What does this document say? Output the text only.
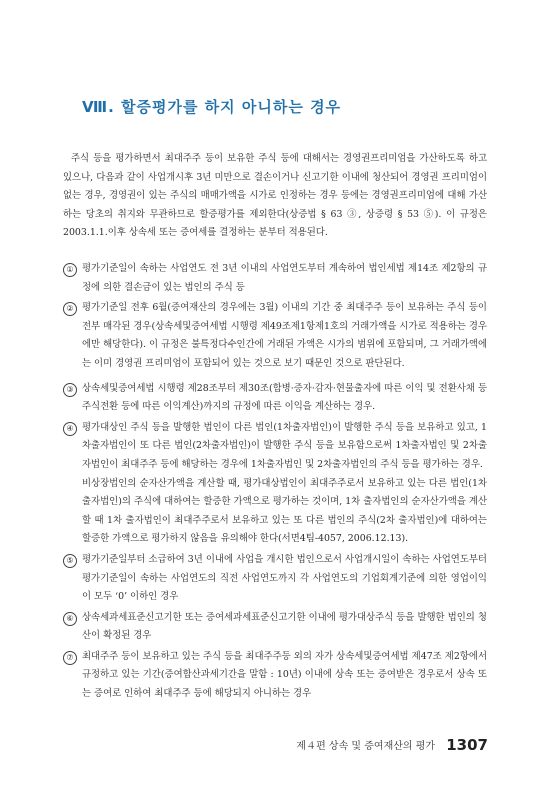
Ⅷ. 할증평가를 하지 아니하는 경우

주식 등을 평가하면서 최대주주 등이 보유한 주식 등에 대해서는 경영권프리미엄을 가산하도록 하고 있으나, 다음과 같이 사업개시후 3년 미만으로 결손이거나 신고기한 이내에 청산되어 경영권 프리미엄이 없는 경우, 경영권이 있는 주식의 매매가액을 시가로 인정하는 경우 등에는 경영권프리미엄에 대해 가산하는 당초의 취지와 무관하므로 할증평가를 제외한다(상증법 § 63 ③, 상증령 § 53 ⑤). 이 규정은 2003.1.1.이후 상속세 또는 증여세를 결정하는 분부터 적용된다.

① 평가기준일이 속하는 사업연도 전 3년 이내의 사업연도부터 계속하여 법인세법 제14조 제2항의 규정에 의한 결손금이 있는 법인의 주식 등

② 평가기준일 전후 6월(증여재산의 경우에는 3월) 이내의 기간 중 최대주주 등이 보유하는 주식 등이 전부 매각된 경우(상속세및증여세법 시행령 제49조제1항제1호의 거래가액을 시가로 적용하는 경우에만 해당한다). 이 규정은 불특정다수인간에 거래된 가액은 시가의 범위에 포함되며, 그 거래가액에는 이미 경영권 프리미엄이 포함되어 있는 것으로 보기 때문인 것으로 판단된다.

③ 상속세및증여세법 시행령 제28조부터 제30조(합병·증자·감자·현물출자에 따른 이익 및 전환사채 등 주식전환 등에 따른 이익계산)까지의 규정에 따른 이익을 계산하는 경우.

④ 평가대상인 주식 등을 발행한 법인이 다른 법인(1차출자법인)이 발행한 주식 등을 보유하고 있고, 1차출자법인이 또 다른 법인(2차출자법인)이 발행한 주식 등을 보유함으로써 1차출자법인 및 2차출자법인이 최대주주 등에 해당하는 경우에 1차출자법인 및 2차출자법인의 주식 등을 평가하는 경우.

비상장법인의 순자산가액을 계산할 때, 평가대상법인이 최대주주로서 보유하고 있는 다른 법인(1차 출자법인)의 주식에 대하여는 할증한 가액으로 평가하는 것이며, 1차 출자법인의 순자산가액을 계산할 때 1차 출자법인이 최대주주로서 보유하고 있는 또 다른 법인의 주식(2차 출자법인)에 대하여는 할증한 가액으로 평가하지 않음을 유의해야 한다(서면4팀-4057, 2006.12.13).

⑤ 평가기준일부터 소급하여 3년 이내에 사업을 개시한 법인으로서 사업개시일이 속하는 사업연도부터 평가기준일이 속하는 사업연도의 직전 사업연도까지 각 사업연도의 기업회계기준에 의한 영업이익이 모두 ‘0’ 이하인 경우

⑥ 상속세과세표준신고기한 또는 증여세과세표준신고기한 이내에 평가대상주식 등을 발행한 법인의 청산이 확정된 경우

⑦ 최대주주 등이 보유하고 있는 주식 등을 최대주주등 외의 자가 상속세및증여세법 제47조 제2항에서 규정하고 있는 기간(증여합산과세기간을 말함 : 10년) 이내에 상속 또는 증여받은 경우로서 상속 또는 증여로 인하여 최대주주 등에 해당되지 아니하는 경우

제４편 상속 및 증여재산의 평가 1307
